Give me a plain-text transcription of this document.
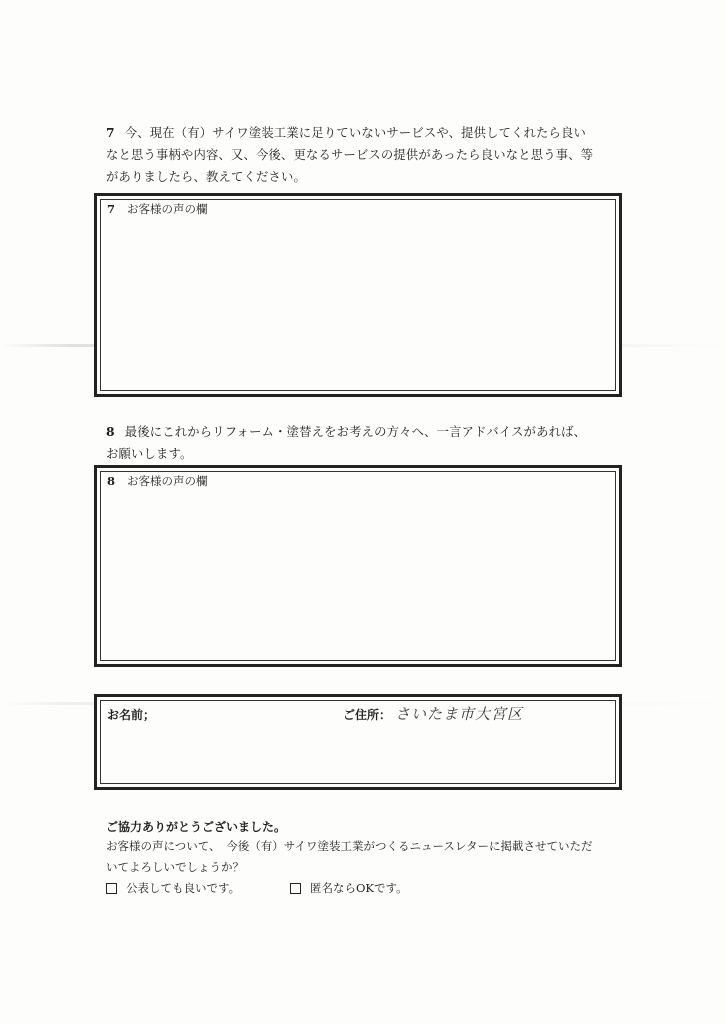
7 今、現在（有）サイワ塗装工業に足りていないサービスや、提供してくれたら良い
なと思う事柄や内容、又、今後、更なるサービスの提供があったら良いなと思う事、等
がありましたら、教えてください。
7 お客様の声の欄
8 最後にこれからリフォーム・塗替えをお考えの方々へ、一言アドバイスがあれば、
お願いします。
8 お客様の声の欄
お名前；	ご住所： さいたま市大宮区
ご協力ありがとうございました。
お客様の声について、　今後（有）サイワ塗装工業がつくるニュースレターに掲載させていただ
いてよろしいでしょうか？
公表しても良いです。	匿名ならOKです。
